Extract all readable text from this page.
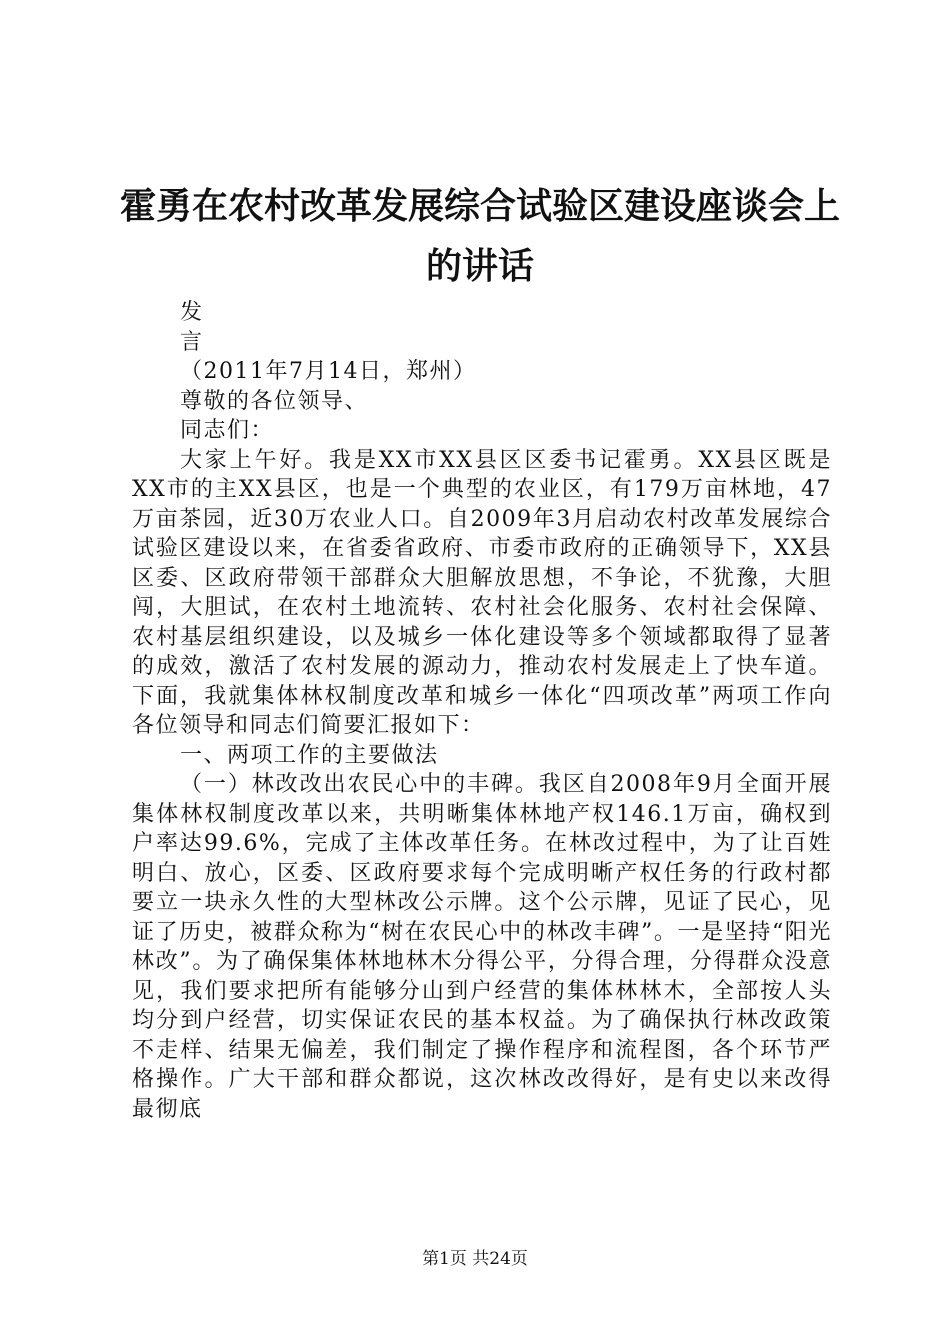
霍勇在农村改革发展综合试验区建设座谈会上
的讲话

发

言

（2011年7月14日，郑州）

尊敬的各位领导、

同志们：

大家上午好。我是XX市XX县区区委书记霍勇。XX县区既是XX市的主XX县区，也是一个典型的农业区，有179万亩林地，47万亩茶园，近30万农业人口。自2009年3月启动农村改革发展综合试验区建设以来，在省委省政府、市委市政府的正确领导下，XX县区委、区政府带领干部群众大胆解放思想，不争论，不犹豫，大胆闯，大胆试，在农村土地流转、农村社会化服务、农村社会保障、农村基层组织建设，以及城乡一体化建设等多个领域都取得了显著的成效，激活了农村发展的源动力，推动农村发展走上了快车道。下面，我就集体林权制度改革和城乡一体化“四项改革”两项工作向各位领导和同志们简要汇报如下：

一、两项工作的主要做法

（一）林改改出农民心中的丰碑。我区自2008年9月全面开展集体林权制度改革以来，共明晰集体林地产权146.1万亩，确权到户率达99.6%，完成了主体改革任务。在林改过程中，为了让百姓明白、放心，区委、区政府要求每个完成明晰产权任务的行政村都要立一块永久性的大型林改公示牌。这个公示牌，见证了民心，见证了历史，被群众称为“树在农民心中的林改丰碑”。一是坚持“阳光林改”。为了确保集体林地林木分得公平，分得合理，分得群众没意见，我们要求把所有能够分山到户经营的集体林林木，全部按人头均分到户经营，切实保证农民的基本权益。为了确保执行林改政策不走样、结果无偏差，我们制定了操作程序和流程图，各个环节严格操作。广大干部和群众都说，这次林改改得好，是有史以来改得最彻底

第1页 共24页
